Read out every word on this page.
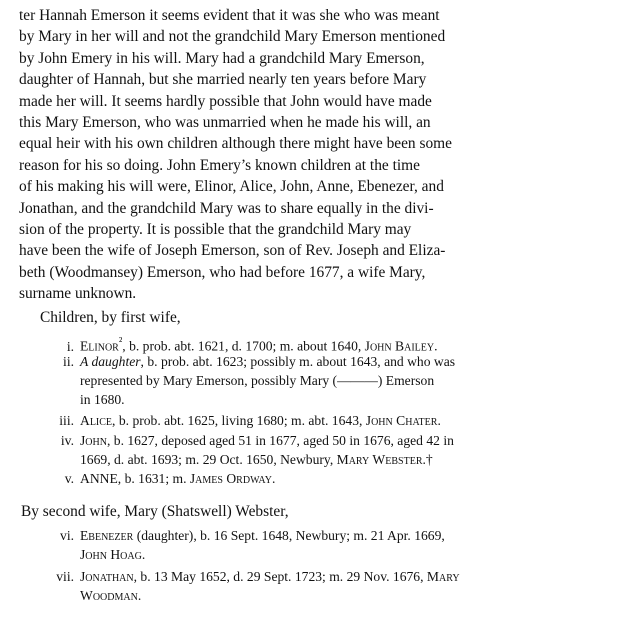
ter Hannah Emerson it seems evident that it was she who was meant
by Mary in her will and not the grandchild Mary Emerson mentioned
by John Emery in his will. Mary had a grandchild Mary Emerson,
daughter of Hannah, but she married nearly ten years before Mary
made her will. It seems hardly possible that John would have made
this Mary Emerson, who was unmarried when he made his will, an
equal heir with his own children although there might have been some
reason for his so doing. John Emery’s known children at the time
of his making his will were, Elinor, Alice, John, Anne, Ebenezer, and
Jonathan, and the grandchild Mary was to share equally in the divi-
sion of the property. It is possible that the grandchild Mary may
have been the wife of Joseph Emerson, son of Rev. Joseph and Eliza-
beth (Woodmansey) Emerson, who had before 1677, a wife Mary,
surname unknown.
Children, by first wife,
i. Elinor$^{^2}$, b. prob. abt. 1621, d. 1700; m. about 1640, John Bailey.
ii. A daughter, b. prob. abt. 1623; possibly m. about 1643, and who was
represented by Mary Emerson, possibly Mary (———) Emerson
in 1680.
iii. Alice, b. prob. abt. 1625, living 1680; m. abt. 1643, John Chater.
iv. John, b. 1627, deposed aged 51 in 1677, aged 50 in 1676, aged 42 in
1669, d. abt. 1693; m. 29 Oct. 1650, Newbury, Mary Webster.†
v. ANNE, b. 1631; m. James Ordway.
By second wife, Mary (Shatswell) Webster,
vi. Ebenezer (daughter), b. 16 Sept. 1648, Newbury; m. 21 Apr. 1669,
John Hoag.
vii. Jonathan, b. 13 May 1652, d. 29 Sept. 1723; m. 29 Nov. 1676, Mary
Woodman.
